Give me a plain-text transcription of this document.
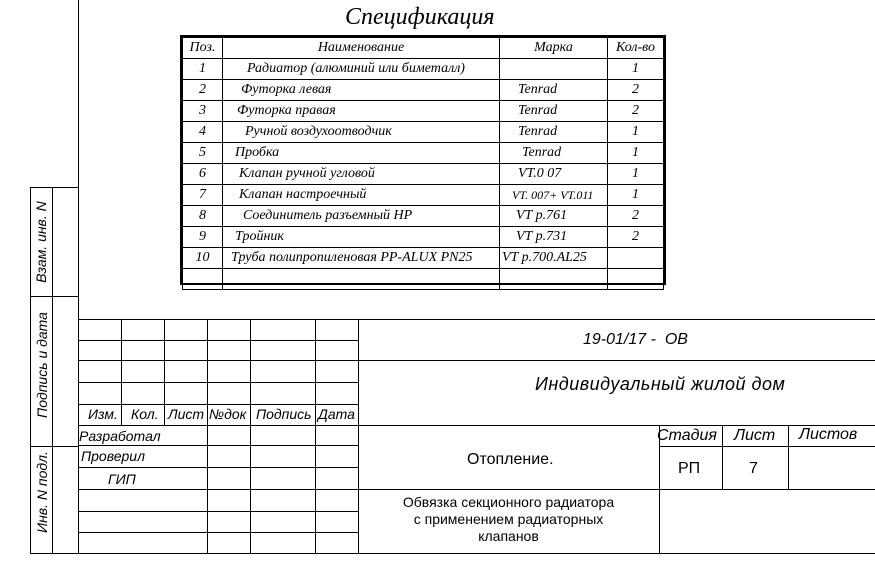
Взам. инв. N
Подпись и дата
Инв. N подл.
Спецификация
Поз.	Наименование	Марка	Кол-во
1	Радиатор (алюминий или биметалл)		1
2	Футорка левая	Tenrad	2
3	Футорка правая	Tenrad	2
4	Ручной воздухоотводчик	Tenrad	1
5	Пробка	Tenrad	1
6	Клапан ручной угловой	VT.0 07	1
7	Клапан настроечный	VT. 007+ VT.011	1
8	Соединитель разъемный НР	VT р.761	2
9	Тройник	VT р.731	2
10	Труба полипропиленовая PP-ALUX PN25	VT р.700.AL25	

19-01/17 -  ОВ
Индивидуальный жилой дом
Изм. Кол. Лист №док Подпись Дата
Разработал
Проверил
ГИП
Отопление.
Обвязка секционного радиатора
с применением радиаторных
клапанов
Стадия Лист Листов
РП	7
